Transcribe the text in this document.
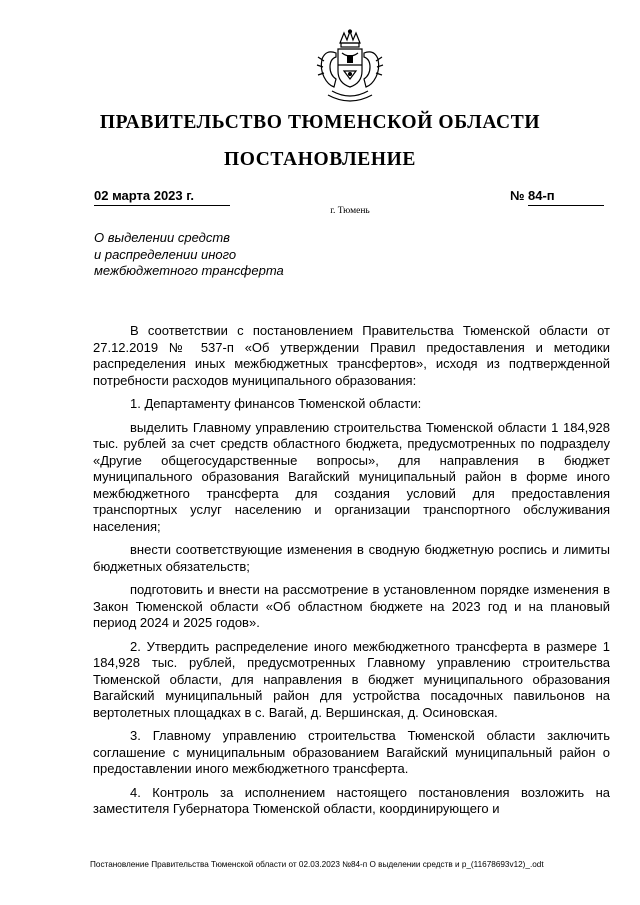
ПРАВИТЕЛЬСТВО ТЮМЕНСКОЙ ОБЛАСТИ
ПОСТАНОВЛЕНИЕ
02 марта 2023 г.	№ 84-п
г. Тюмень
О выделении средств
и распределении иного
межбюджетного трансферта

В соответствии с постановлением Правительства Тюменской области от 27.12.2019 № 537-п «Об утверждении Правил предоставления и методики распределения иных межбюджетных трансфертов», исходя из подтвержденной потребности расходов муниципального образования:

1. Департаменту финансов Тюменской области:

выделить Главному управлению строительства Тюменской области 1 184,928 тыс. рублей за счет средств областного бюджета, предусмотренных по подразделу «Другие общегосударственные вопросы», для направления в бюджет муниципального образования Вагайский муниципальный район в форме иного межбюджетного трансферта для создания условий для предоставления транспортных услуг населению и организации транспортного обслуживания населения;

внести соответствующие изменения в сводную бюджетную роспись и лимиты бюджетных обязательств;

подготовить и внести на рассмотрение в установленном порядке изменения в Закон Тюменской области «Об областном бюджете на 2023 год и на плановый период 2024 и 2025 годов».

2. Утвердить распределение иного межбюджетного трансферта в размере 1 184,928 тыс. рублей, предусмотренных Главному управлению строительства Тюменской области, для направления в бюджет муниципального образования Вагайский муниципальный район для устройства посадочных павильонов на вертолетных площадках в с. Вагай, д. Вершинская, д. Осиновская.

3. Главному управлению строительства Тюменской области заключить соглашение с муниципальным образованием Вагайский муниципальный район о предоставлении иного межбюджетного трансферта.

4. Контроль за исполнением настоящего постановления возложить на заместителя Губернатора Тюменской области, координирующего и

Постановление Правительства Тюменской области от 02.03.2023 №84-п О выделении средств и р_(11678693v12)_.odt
